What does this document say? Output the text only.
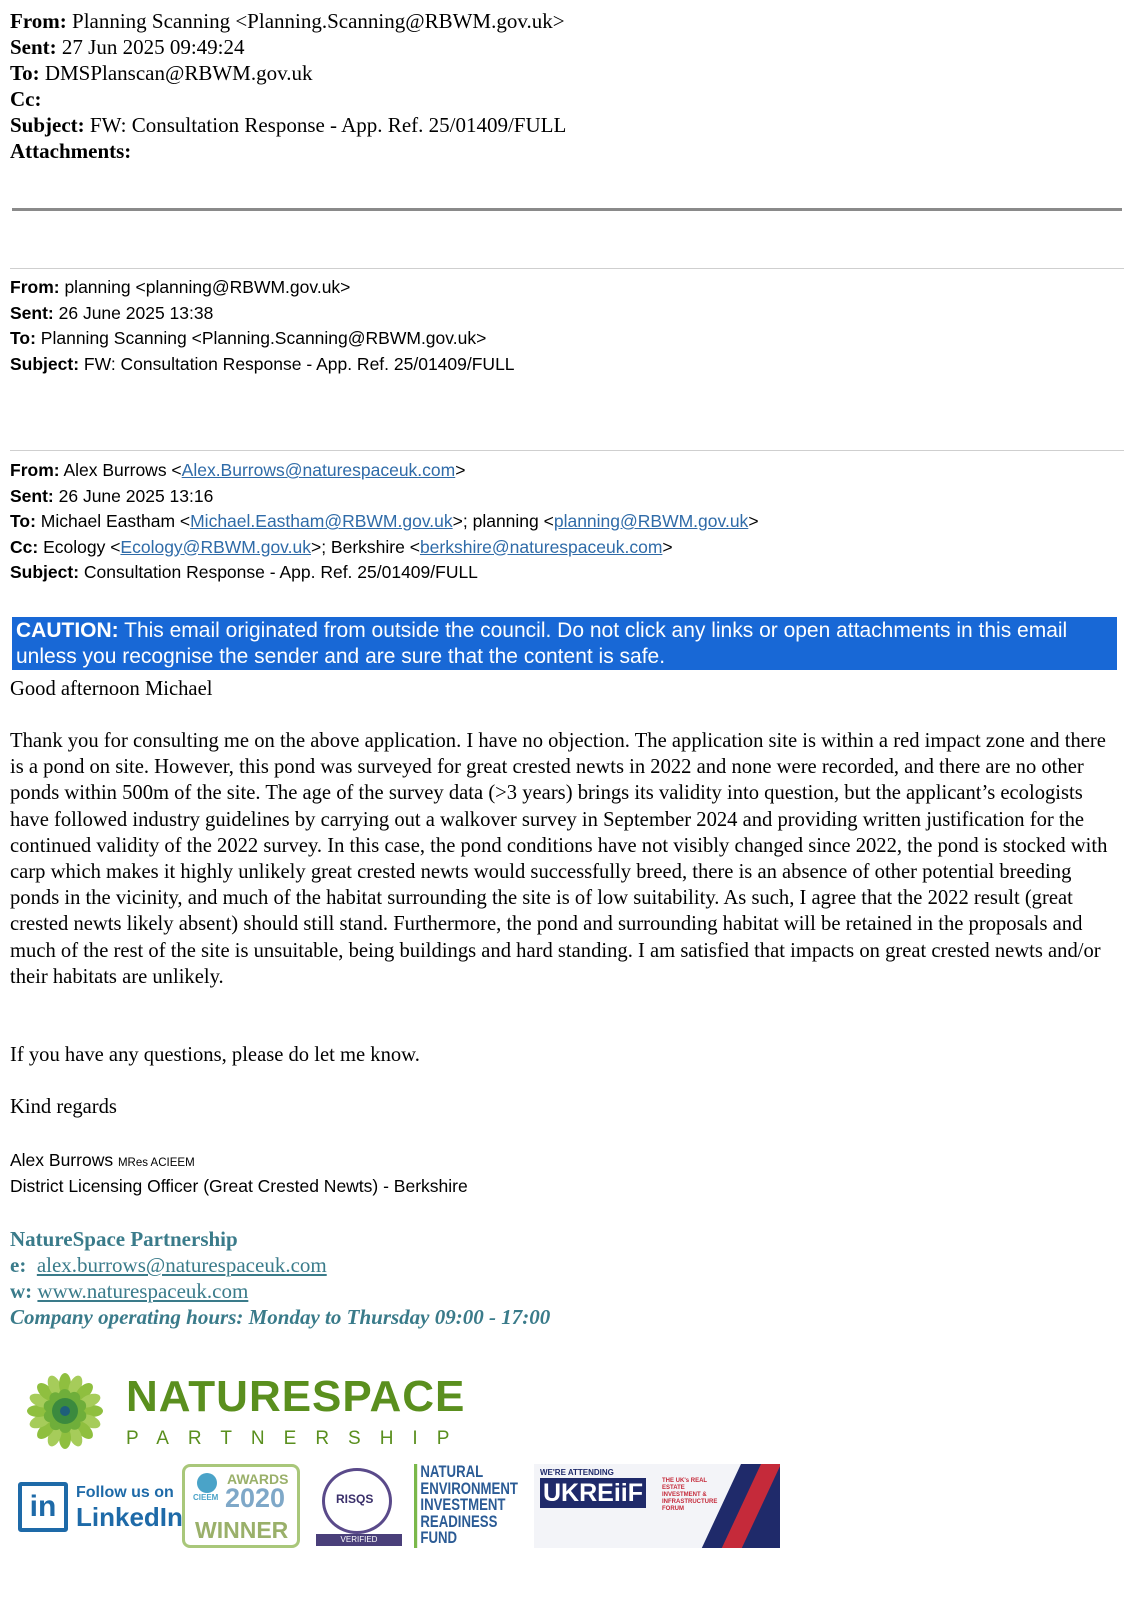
From: Planning Scanning <Planning.Scanning@RBWM.gov.uk>
Sent: 27 Jun 2025 09:49:24
To: DMSPlanscan@RBWM.gov.uk
Cc:
Subject: FW: Consultation Response - App. Ref. 25/01409/FULL
Attachments:
From: planning <planning@RBWM.gov.uk>
Sent: 26 June 2025 13:38
To: Planning Scanning <Planning.Scanning@RBWM.gov.uk>
Subject: FW: Consultation Response - App. Ref. 25/01409/FULL
From: Alex Burrows <Alex.Burrows@naturespaceuk.com>
Sent: 26 June 2025 13:16
To: Michael Eastham <Michael.Eastham@RBWM.gov.uk>; planning <planning@RBWM.gov.uk>
Cc: Ecology <Ecology@RBWM.gov.uk>; Berkshire <berkshire@naturespaceuk.com>
Subject: Consultation Response - App. Ref. 25/01409/FULL
CAUTION: This email originated from outside the council. Do not click any links or open attachments in this email unless you recognise the sender and are sure that the content is safe.
Good afternoon Michael
Thank you for consulting me on the above application. I have no objection. The application site is within a red impact zone and there is a pond on site. However, this pond was surveyed for great crested newts in 2022 and none were recorded, and there are no other ponds within 500m of the site. The age of the survey data (>3 years) brings its validity into question, but the applicant’s ecologists have followed industry guidelines by carrying out a walkover survey in September 2024 and providing written justification for the continued validity of the 2022 survey. In this case, the pond conditions have not visibly changed since 2022, the pond is stocked with carp which makes it highly unlikely great crested newts would successfully breed, there is an absence of other potential breeding ponds in the vicinity, and much of the habitat surrounding the site is of low suitability. As such, I agree that the 2022 result (great crested newts likely absent) should still stand. Furthermore, the pond and surrounding habitat will be retained in the proposals and much of the rest of the site is unsuitable, being buildings and hard standing. I am satisfied that impacts on great crested newts and/or their habitats are unlikely.
If you have any questions, please do let me know.
Kind regards
Alex Burrows MRes ACIEEM
District Licensing Officer (Great Crested Newts) - Berkshire
NatureSpace Partnership
e: alex.burrows@naturespaceuk.com
w: www.naturespaceuk.com
Company operating hours: Monday to Thursday 09:00 - 17:00
NATURESPACE
PARTNERSHIP
in	Follow us on
LinkedIn
CIEEM
AWARDS
2020
WINNER
RISQS
VERIFIED
NATURAL
ENVIRONMENT
INVESTMENT
READINESS
FUND
WE'RE ATTENDING
UKREiiF	THE UK's REAL ESTATE INVESTMENT & INFRASTRUCTURE FORUM
